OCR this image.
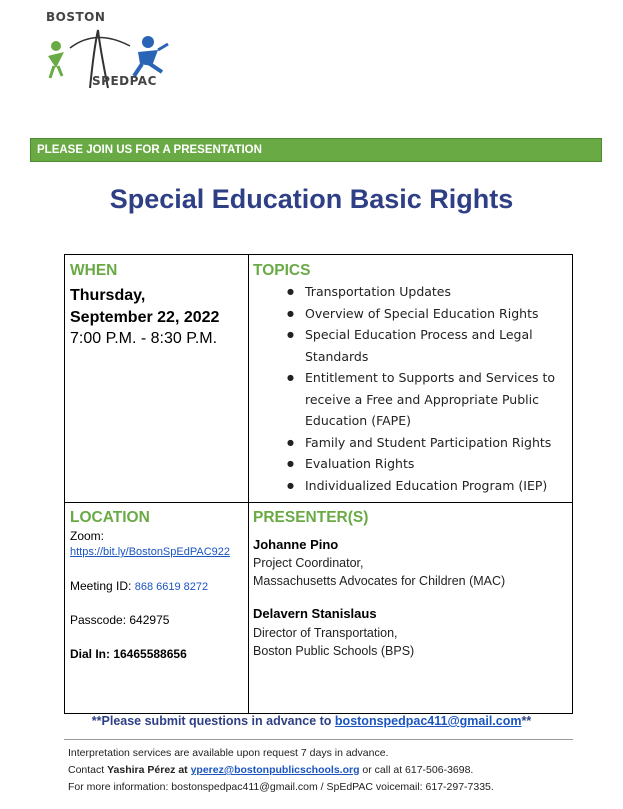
BOSTON
SPEDPAC
PLEASE JOIN US FOR A PRESENTATION
Special Education Basic Rights
WHEN
Thursday,
September 22, 2022
7:00 P.M. - 8:30 P.M.
TOPICS
● Transportation Updates
● Overview of Special Education Rights
● Special Education Process and Legal Standards
● Entitlement to Supports and Services to receive a Free and Appropriate Public Education (FAPE)
● Family and Student Participation Rights
● Evaluation Rights
● Individualized Education Program (IEP)
LOCATION
Zoom:
https://bit.ly/BostonSpEdPAC922
Meeting ID: 868 6619 8272
Passcode: 642975
Dial In: 16465588656
PRESENTER(S)
Johanne Pino
Project Coordinator,
Massachusetts Advocates for Children (MAC)
Delavern Stanislaus
Director of Transportation,
Boston Public Schools (BPS)
**Please submit questions in advance to bostonspedpac411@gmail.com**
Interpretation services are available upon request 7 days in advance.
Contact Yashira Pérez at yperez@bostonpublicschools.org or call at 617-506-3698.
For more information: bostonspedpac411@gmail.com / SpEdPAC voicemail: 617-297-7335.
